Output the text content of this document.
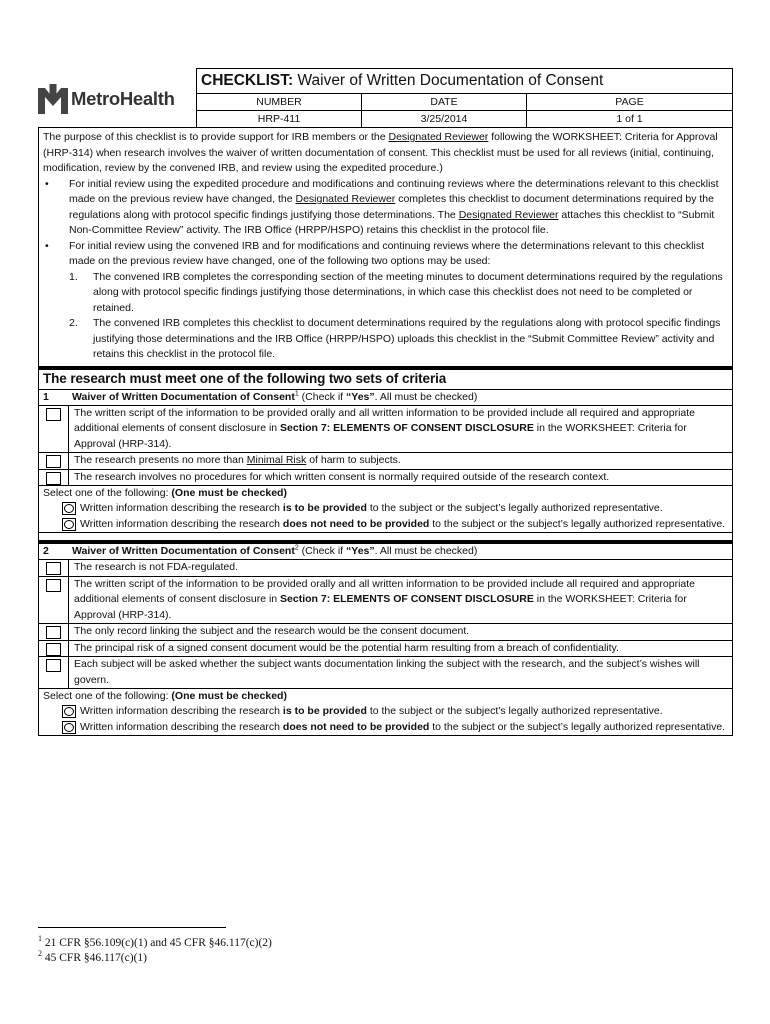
MetroHealth
CHECKLIST: Waiver of Written Documentation of Consent
NUMBER	DATE	PAGE
HRP-411	3/25/2014	1 of 1

The purpose of this checklist is to provide support for IRB members or the Designated Reviewer following the WORKSHEET: Criteria for Approval (HRP-314) when research involves the waiver of written documentation of consent. This checklist must be used for all reviews (initial, continuing, modification, review by the convened IRB, and review using the expedited procedure.)

•	For initial review using the expedited procedure and modifications and continuing reviews where the determinations relevant to this checklist made on the previous review have changed, the Designated Reviewer completes this checklist to document determinations required by the regulations along with protocol specific findings justifying those determinations. The Designated Reviewer attaches this checklist to “Submit Non-Committee Review” activity. The IRB Office (HRPP/HSPO) retains this checklist in the protocol file.
•	For initial review using the convened IRB and for modifications and continuing reviews where the determinations relevant to this checklist made on the previous review have changed, one of the following two options may be used:
1.	The convened IRB completes the corresponding section of the meeting minutes to document determinations required by the regulations along with protocol specific findings justifying those determinations, in which case this checklist does not need to be completed or retained.
2.	The convened IRB completes this checklist to document determinations required by the regulations along with protocol specific findings justifying those determinations and the IRB Office (HRPP/HSPO) uploads this checklist in the “Submit Committee Review” activity and retains this checklist in the protocol file.
The research must meet one of the following two sets of criteria
1	Waiver of Written Documentation of Consent$^1$ (Check if “Yes”. All must be checked)
The written script of the information to be provided orally and all written information to be provided include all required and appropriate additional elements of consent disclosure in Section 7: ELEMENTS OF CONSENT DISCLOSURE in the WORKSHEET: Criteria for Approval (HRP-314).
The research presents no more than Minimal Risk of harm to subjects.
The research involves no procedures for which written consent is normally required outside of the research context.
Select one of the following: (One must be checked)
Written information describing the research is to be provided to the subject or the subject’s legally authorized representative.
Written information describing the research does not need to be provided to the subject or the subject’s legally authorized representative.
2	Waiver of Written Documentation of Consent$^2$ (Check if “Yes”. All must be checked)
The research is not FDA-regulated.
The written script of the information to be provided orally and all written information to be provided include all required and appropriate additional elements of consent disclosure in Section 7: ELEMENTS OF CONSENT DISCLOSURE in the WORKSHEET: Criteria for Approval (HRP-314).
The only record linking the subject and the research would be the consent document.
The principal risk of a signed consent document would be the potential harm resulting from a breach of confidentiality.
Each subject will be asked whether the subject wants documentation linking the subject with the research, and the subject’s wishes will govern.
Select one of the following: (One must be checked)
Written information describing the research is to be provided to the subject or the subject’s legally authorized representative.
Written information describing the research does not need to be provided to the subject or the subject’s legally authorized representative.
$^1$ 21 CFR §56.109(c)(1) and 45 CFR §46.117(c)(2)
$^2$ 45 CFR §46.117(c)(1)
